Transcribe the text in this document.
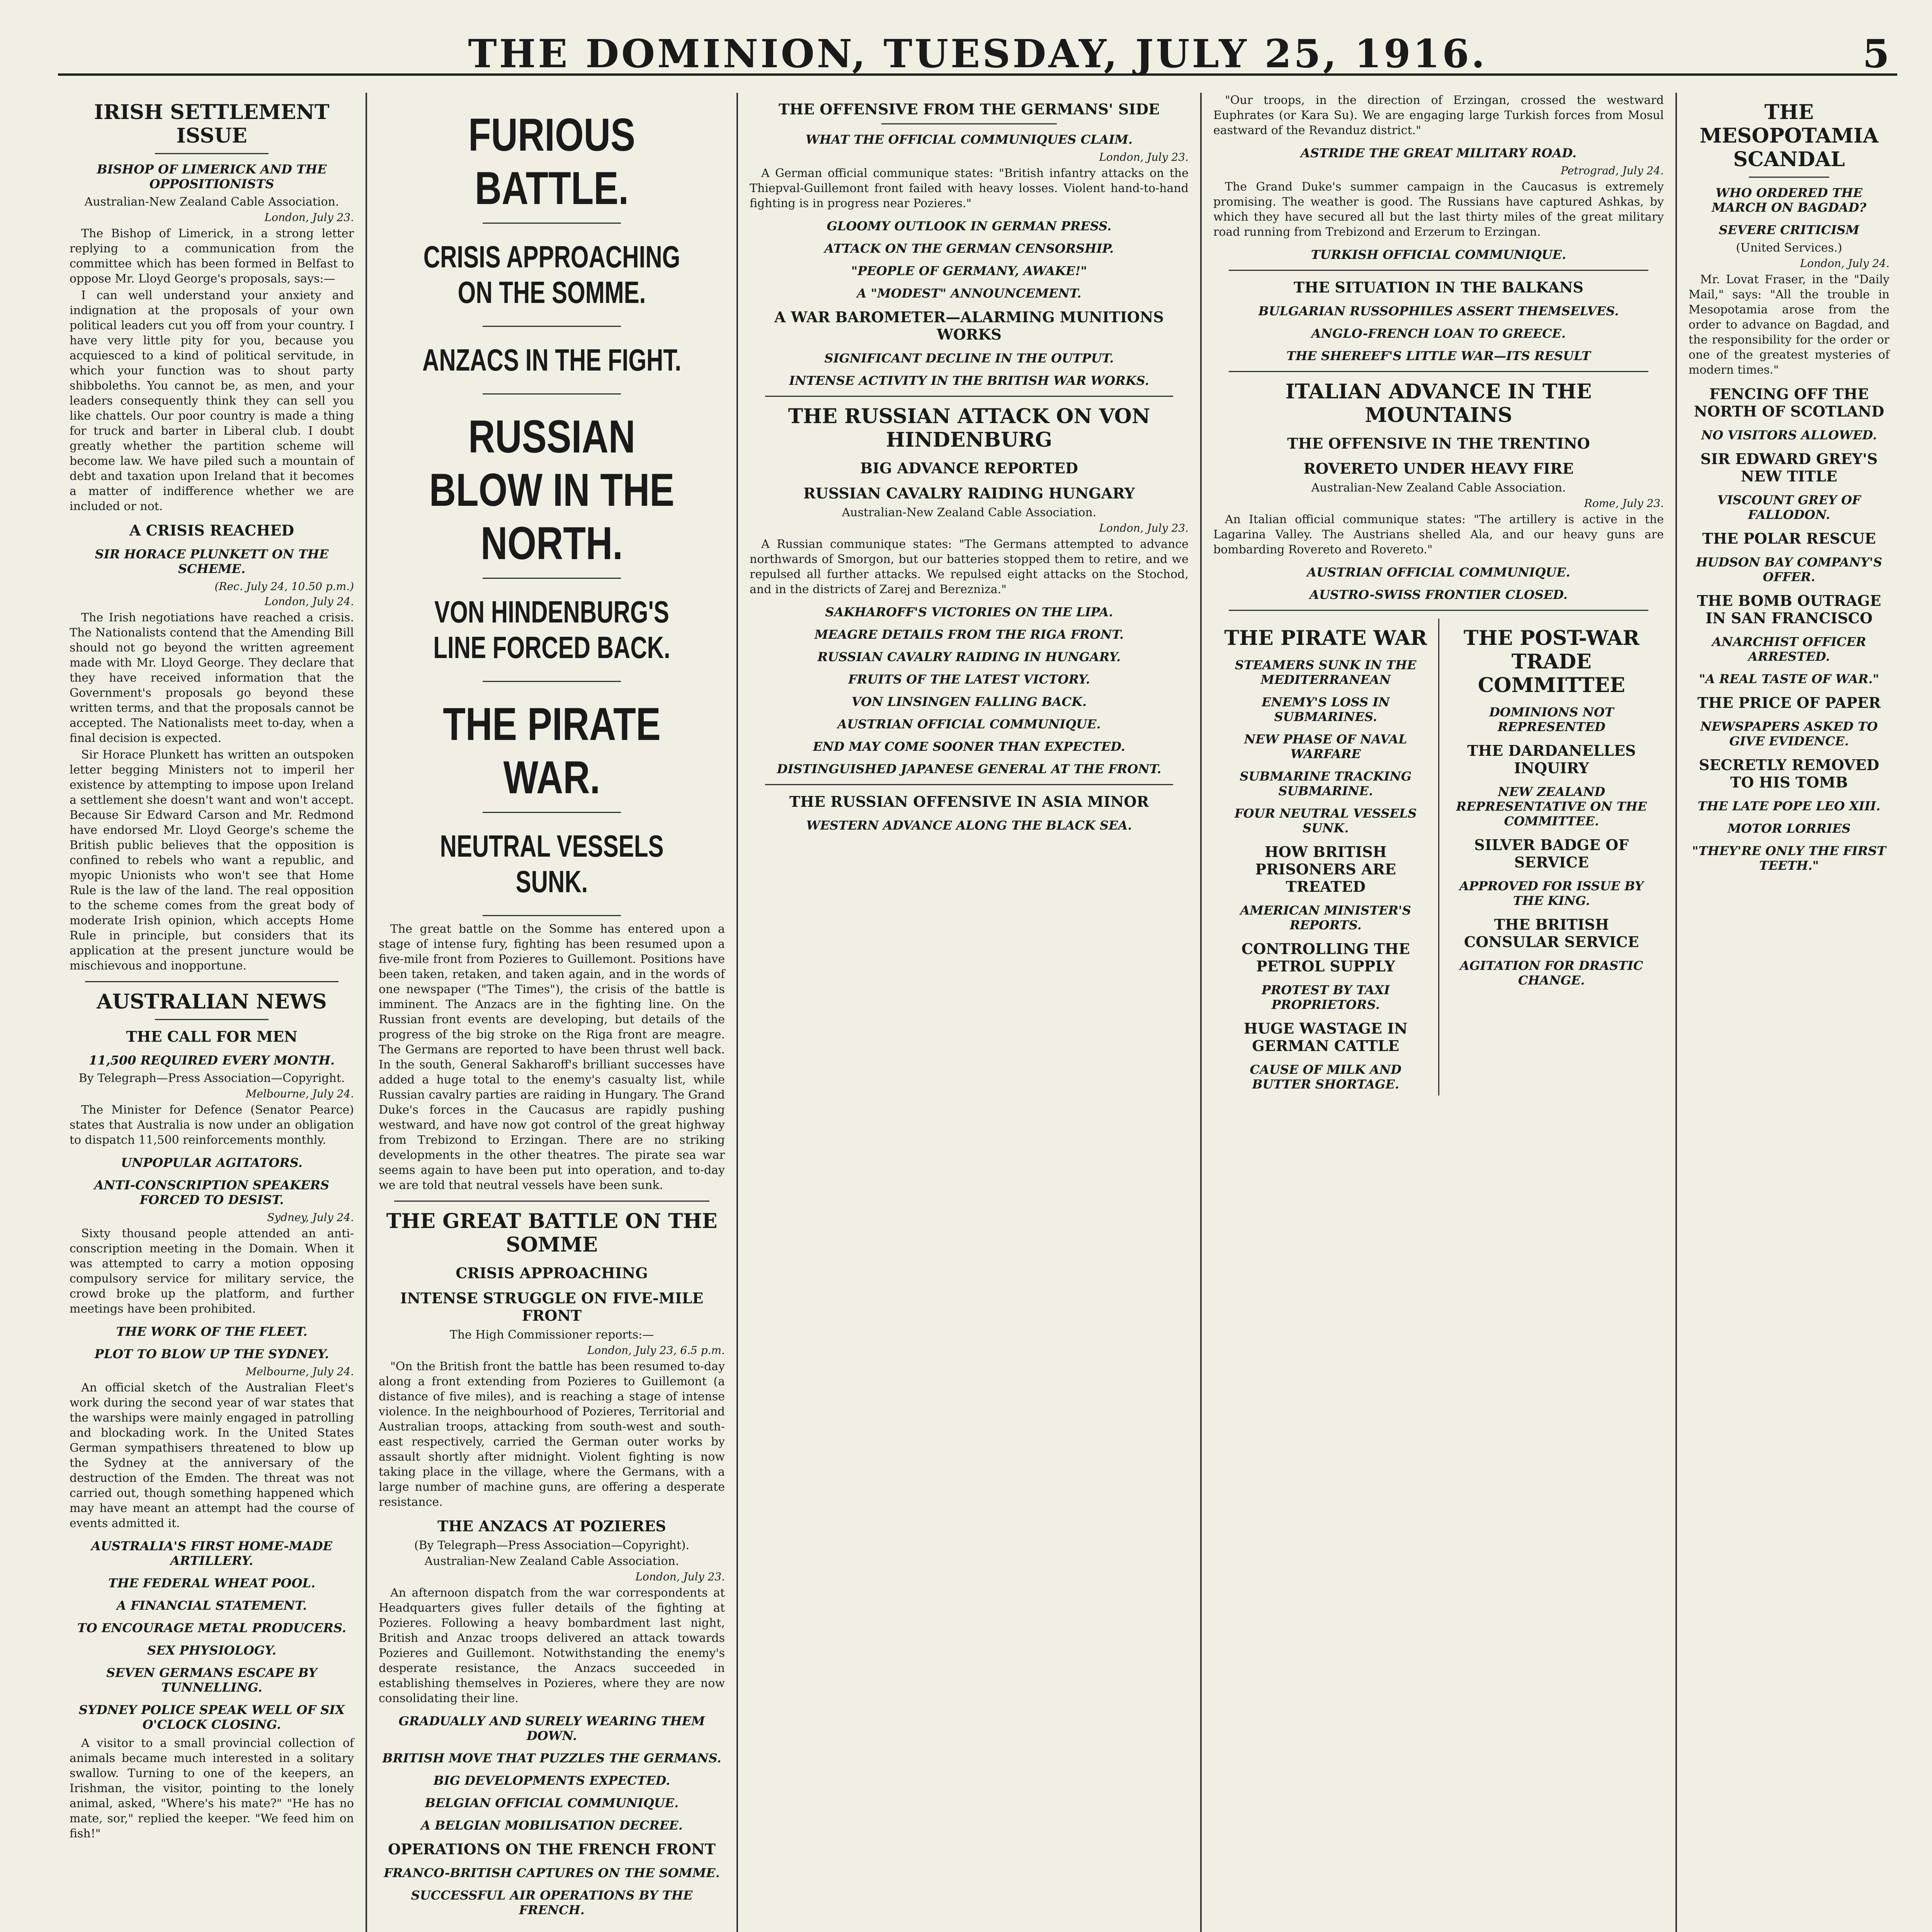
THE DOMINION, TUESDAY, JULY 25, 1916.	5
IRISH SETTLEMENT ISSUE
BISHOP OF LIMERICK AND THE OPPOSITIONISTS
Australian-New Zealand Cable Association.
London, July 23.

The Bishop of Limerick, in a strong letter replying to a communication from the committee which has been formed in Belfast to oppose Mr. Lloyd George's proposals, says:—

I can well understand your anxiety and indignation at the proposals of your own political leaders cut you off from your country. I have very little pity for you, because you acquiesced to a kind of political servitude, in which your function was to shout party shibboleths. You cannot be, as men, and your leaders consequently think they can sell you like chattels. Our poor country is made a thing for truck and barter in Liberal club. I doubt greatly whether the partition scheme will become law. We have piled such a mountain of debt and taxation upon Ireland that it becomes a matter of indifference whether we are included or not.

A CRISIS REACHED
SIR HORACE PLUNKETT ON THE SCHEME.
(Rec. July 24, 10.50 p.m.)
London, July 24.

The Irish negotiations have reached a crisis. The Nationalists contend that the Amending Bill should not go beyond the written agreement made with Mr. Lloyd George. They declare that they have received information that the Government's proposals go beyond these written terms, and that the proposals cannot be accepted. The Nationalists meet to-day, when a final decision is expected.

Sir Horace Plunkett has written an outspoken letter begging Ministers not to imperil her existence by attempting to impose upon Ireland a settlement she doesn't want and won't accept. Because Sir Edward Carson and Mr. Redmond have endorsed Mr. Lloyd George's scheme the British public believes that the opposition is confined to rebels who want a republic, and myopic Unionists who won't see that Home Rule is the law of the land. The real opposition to the scheme comes from the great body of moderate Irish opinion, which accepts Home Rule in principle, but considers that its application at the present juncture would be mischievous and inopportune.

AUSTRALIAN NEWS
THE CALL FOR MEN
11,500 REQUIRED EVERY MONTH.
By Telegraph—Press Association—Copyright.
Melbourne, July 24.

The Minister for Defence (Senator Pearce) states that Australia is now under an obligation to dispatch 11,500 reinforcements monthly.

UNPOPULAR AGITATORS.
ANTI-CONSCRIPTION SPEAKERS FORCED TO DESIST.
Sydney, July 24.

Sixty thousand people attended an anti-conscription meeting in the Domain. When it was attempted to carry a motion opposing compulsory service for military service, the crowd broke up the platform, and further meetings have been prohibited.

THE WORK OF THE FLEET.
PLOT TO BLOW UP THE SYDNEY.
Melbourne, July 24.

An official sketch of the Australian Fleet's work during the second year of war states that the warships were mainly engaged in patrolling and blockading work. In the United States German sympathisers threatened to blow up the Sydney at the anniversary of the destruction of the Emden. The threat was not carried out, though something happened which may have meant an attempt had the course of events admitted it.

AUSTRALIA'S FIRST HOME-MADE ARTILLERY.
THE FEDERAL WHEAT POOL.
A FINANCIAL STATEMENT.
TO ENCOURAGE METAL PRODUCERS.
SEX PHYSIOLOGY.
SEVEN GERMANS ESCAPE BY TUNNELLING.
SYDNEY POLICE SPEAK WELL OF SIX O'CLOCK CLOSING.

A visitor to a small provincial collection of animals became much interested in a solitary swallow. Turning to one of the keepers, an Irishman, the visitor, pointing to the lonely animal, asked, "Where's his mate?" "He has no mate, sor," replied the keeper. "We feed him on fish!"

FURIOUS BATTLE.
CRISIS APPROACHING ON THE SOMME.
ANZACS IN THE FIGHT.
RUSSIAN BLOW IN THE NORTH.
VON HINDENBURG'S LINE FORCED BACK.
THE PIRATE WAR.
NEUTRAL VESSELS SUNK.

The great battle on the Somme has entered upon a stage of intense fury, fighting has been resumed upon a five-mile front from Pozieres to Guillemont. Positions have been taken, retaken, and taken again, and in the words of one newspaper ("The Times"), the crisis of the battle is imminent. The Anzacs are in the fighting line. On the Russian front events are developing, but details of the progress of the big stroke on the Riga front are meagre. The Germans are reported to have been thrust well back. In the south, General Sakharoff's brilliant successes have added a huge total to the enemy's casualty list, while Russian cavalry parties are raiding in Hungary. The Grand Duke's forces in the Caucasus are rapidly pushing westward, and have now got control of the great highway from Trebizond to Erzingan. There are no striking developments in the other theatres. The pirate sea war seems again to have been put into operation, and to-day we are told that neutral vessels have been sunk.

THE GREAT BATTLE ON THE SOMME
CRISIS APPROACHING
INTENSE STRUGGLE ON FIVE-MILE FRONT
The High Commissioner reports:—
London, July 23, 6.5 p.m.

"On the British front the battle has been resumed to-day along a front extending from Pozieres to Guillemont (a distance of five miles), and is reaching a stage of intense violence. In the neighbourhood of Pozieres, Territorial and Australian troops, attacking from south-west and south-east respectively, carried the German outer works by assault shortly after midnight. Violent fighting is now taking place in the village, where the Germans, with a large number of machine guns, are offering a desperate resistance.

THE ANZACS AT POZIERES
(By Telegraph—Press Association—Copyright).
Australian-New Zealand Cable Association.
London, July 23.

An afternoon dispatch from the war correspondents at Headquarters gives fuller details of the fighting at Pozieres. Following a heavy bombardment last night, British and Anzac troops delivered an attack towards Pozieres and Guillemont. Notwithstanding the enemy's desperate resistance, the Anzacs succeeded in establishing themselves in Pozieres, where they are now consolidating their line.

GRADUALLY AND SURELY WEARING THEM DOWN.
BRITISH MOVE THAT PUZZLES THE GERMANS.
BIG DEVELOPMENTS EXPECTED.
BELGIAN OFFICIAL COMMUNIQUE.
A BELGIAN MOBILISATION DECREE.
OPERATIONS ON THE FRENCH FRONT
FRANCO-BRITISH CAPTURES ON THE SOMME.
SUCCESSFUL AIR OPERATIONS BY THE FRENCH.
THE OFFENSIVE FROM THE GERMANS' SIDE
WHAT THE OFFICIAL COMMUNIQUES CLAIM.
London, July 23.

A German official communique states: "British infantry attacks on the Thiepval-Guillemont front failed with heavy losses. Violent hand-to-hand fighting is in progress near Pozieres."

GLOOMY OUTLOOK IN GERMAN PRESS.
ATTACK ON THE GERMAN CENSORSHIP.
"PEOPLE OF GERMANY, AWAKE!"
A "MODEST" ANNOUNCEMENT.
A WAR BAROMETER—ALARMING MUNITIONS WORKS
SIGNIFICANT DECLINE IN THE OUTPUT.
INTENSE ACTIVITY IN THE BRITISH WAR WORKS.
THE RUSSIAN ATTACK ON VON HINDENBURG
BIG ADVANCE REPORTED
RUSSIAN CAVALRY RAIDING HUNGARY
Australian-New Zealand Cable Association.
London, July 23.

A Russian communique states: "The Germans attempted to advance northwards of Smorgon, but our batteries stopped them to retire, and we repulsed all further attacks. We repulsed eight attacks on the Stochod, and in the districts of Zarej and Berezniza."

SAKHAROFF'S VICTORIES ON THE LIPA.
MEAGRE DETAILS FROM THE RIGA FRONT.
RUSSIAN CAVALRY RAIDING IN HUNGARY.
FRUITS OF THE LATEST VICTORY.
VON LINSINGEN FALLING BACK.
AUSTRIAN OFFICIAL COMMUNIQUE.
END MAY COME SOONER THAN EXPECTED.
DISTINGUISHED JAPANESE GENERAL AT THE FRONT.
THE RUSSIAN OFFENSIVE IN ASIA MINOR
WESTERN ADVANCE ALONG THE BLACK SEA.

"Our troops, in the direction of Erzingan, crossed the westward Euphrates (or Kara Su). We are engaging large Turkish forces from Mosul eastward of the Revanduz district."

ASTRIDE THE GREAT MILITARY ROAD.
Petrograd, July 24.

The Grand Duke's summer campaign in the Caucasus is extremely promising. The weather is good. The Russians have captured Ashkas, by which they have secured all but the last thirty miles of the great military road running from Trebizond and Erzerum to Erzingan.

TURKISH OFFICIAL COMMUNIQUE.
THE SITUATION IN THE BALKANS
BULGARIAN RUSSOPHILES ASSERT THEMSELVES.
ANGLO-FRENCH LOAN TO GREECE.
THE SHEREEF'S LITTLE WAR—ITS RESULT
ITALIAN ADVANCE IN THE MOUNTAINS
THE OFFENSIVE IN THE TRENTINO
ROVERETO UNDER HEAVY FIRE
Australian-New Zealand Cable Association.
Rome, July 23.

An Italian official communique states: "The artillery is active in the Lagarina Valley. The Austrians shelled Ala, and our heavy guns are bombarding Rovereto and Rovereto."

AUSTRIAN OFFICIAL COMMUNIQUE.
AUSTRO-SWISS FRONTIER CLOSED.
THE PIRATE WAR
STEAMERS SUNK IN THE MEDITERRANEAN
ENEMY'S LOSS IN SUBMARINES.
NEW PHASE OF NAVAL WARFARE
SUBMARINE TRACKING SUBMARINE.
FOUR NEUTRAL VESSELS SUNK.
HOW BRITISH PRISONERS ARE TREATED
AMERICAN MINISTER'S REPORTS.
CONTROLLING THE PETROL SUPPLY
PROTEST BY TAXI PROPRIETORS.
HUGE WASTAGE IN GERMAN CATTLE
CAUSE OF MILK AND BUTTER SHORTAGE.
THE POST-WAR TRADE COMMITTEE
DOMINIONS NOT REPRESENTED
THE DARDANELLES INQUIRY
NEW ZEALAND REPRESENTATIVE ON THE COMMITTEE.
SILVER BADGE OF SERVICE
APPROVED FOR ISSUE BY THE KING.
THE BRITISH CONSULAR SERVICE
AGITATION FOR DRASTIC CHANGE.
THE MESOPOTAMIA SCANDAL
WHO ORDERED THE MARCH ON BAGDAD?
SEVERE CRITICISM
(United Services.)
London, July 24.

Mr. Lovat Fraser, in the "Daily Mail," says: "All the trouble in Mesopotamia arose from the order to advance on Bagdad, and the responsibility for the order or one of the greatest mysteries of modern times."

FENCING OFF THE NORTH OF SCOTLAND
NO VISITORS ALLOWED.
SIR EDWARD GREY'S NEW TITLE
VISCOUNT GREY OF FALLODON.
THE POLAR RESCUE
HUDSON BAY COMPANY'S OFFER.
THE BOMB OUTRAGE IN SAN FRANCISCO
ANARCHIST OFFICER ARRESTED.
"A REAL TASTE OF WAR."
THE PRICE OF PAPER
NEWSPAPERS ASKED TO GIVE EVIDENCE.
SECRETLY REMOVED TO HIS TOMB
THE LATE POPE LEO XIII.
MOTOR LORRIES
"THEY'RE ONLY THE FIRST TEETH."
